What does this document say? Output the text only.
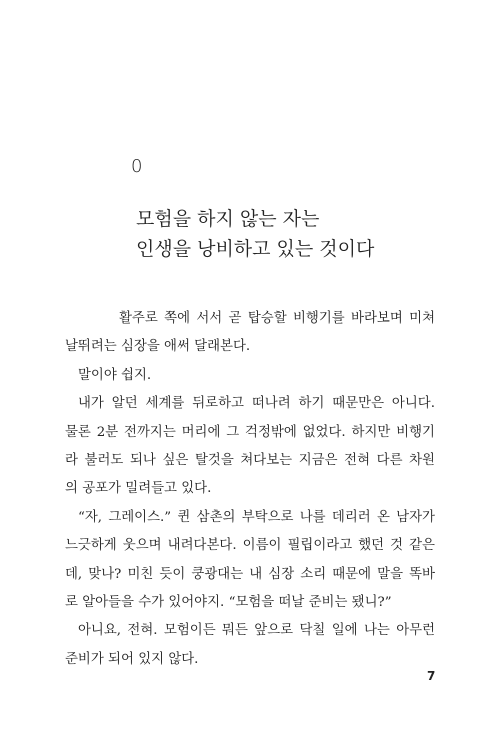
0
모험을 하지 않는 자는
인생을 낭비하고 있는 것이다
활주로 쪽에 서서 곧 탑승할 비행기를 바라보며 미쳐
날뛰려는 심장을 애써 달래본다.
말이야 쉽지.
내가 알던 세계를 뒤로하고 떠나려 하기 때문만은 아니다.
물론 2분 전까지는 머리에 그 걱정밖에 없었다. 하지만 비행기
라 불러도 되나 싶은 탈것을 쳐다보는 지금은 전혀 다른 차원
의 공포가 밀려들고 있다.
“자, 그레이스.” 퀸 삼촌의 부탁으로 나를 데리러 온 남자가
느긋하게 웃으며 내려다본다. 이름이 필립이라고 했던 것 같은
데, 맞나? 미친 듯이 쿵광대는 내 심장 소리 때문에 말을 똑바
로 알아들을 수가 있어야지. “모험을 떠날 준비는 됐니?”
아니요, 전혀. 모험이든 뭐든 앞으로 닥칠 일에 나는 아무런
준비가 되어 있지 않다.
7
